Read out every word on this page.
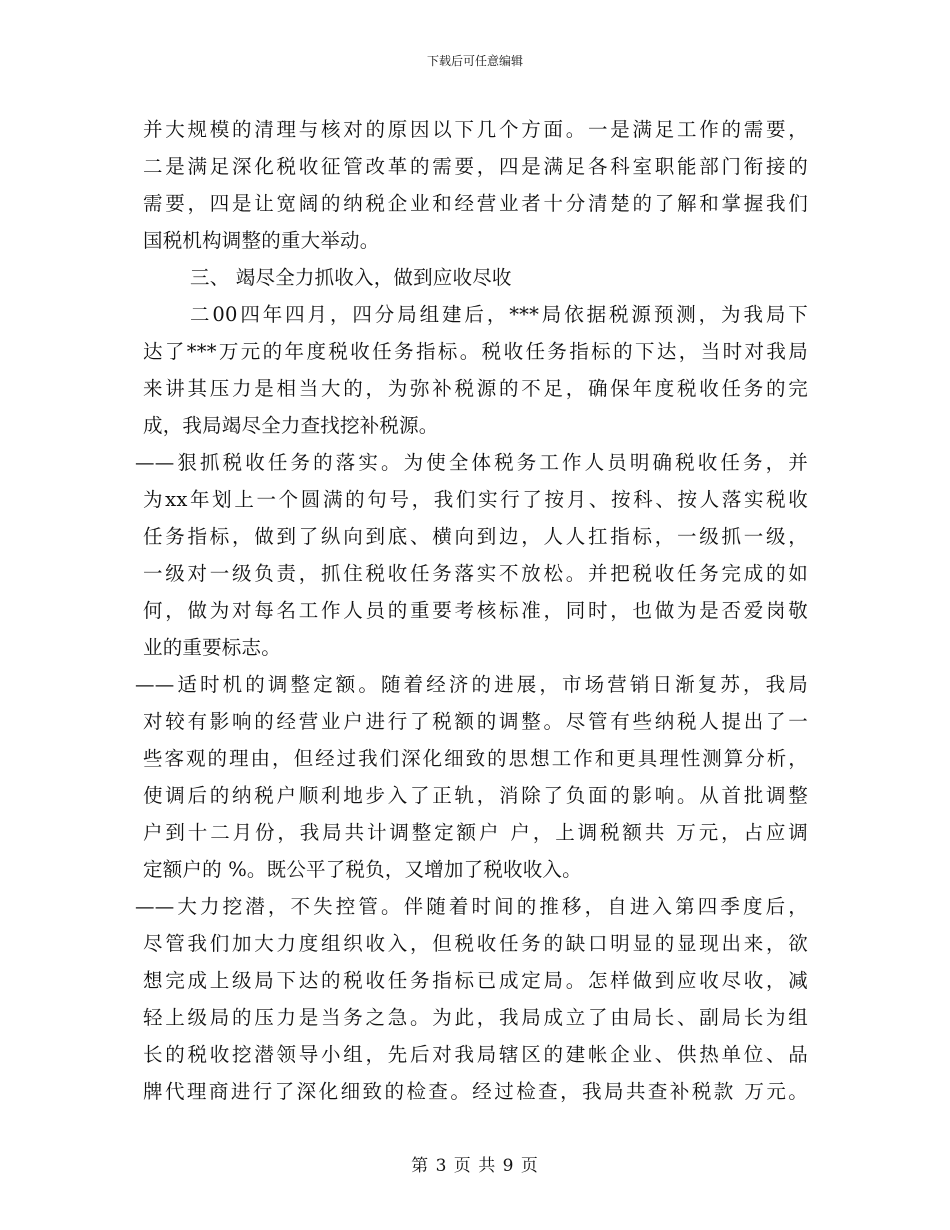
下载后可任意编辑
并大规模的清理与核对的原因以下几个方面。一是满足工作的需要，
二是满足深化税收征管改革的需要，四是满足各科室职能部门衔接的
需要，四是让宽阔的纳税企业和经营业者十分清楚的了解和掌握我们
国税机构调整的重大举动。
三、 竭尽全力抓收入，做到应收尽收
二00四年四月，四分局组建后，***局依据税源预测，为我局下
达了***万元的年度税收任务指标。税收任务指标的下达，当时对我局
来讲其压力是相当大的，为弥补税源的不足，确保年度税收任务的完
成，我局竭尽全力查找挖补税源。
——狠抓税收任务的落实。为使全体税务工作人员明确税收任务，并
为xx年划上一个圆满的句号，我们实行了按月、按科、按人落实税收
任务指标，做到了纵向到底、横向到边，人人扛指标，一级抓一级，
一级对一级负责，抓住税收任务落实不放松。并把税收任务完成的如
何，做为对每名工作人员的重要考核标准，同时，也做为是否爱岗敬
业的重要标志。
——适时机的调整定额。随着经济的进展，市场营销日渐复苏，我局
对较有影响的经营业户进行了税额的调整。尽管有些纳税人提出了一
些客观的理由，但经过我们深化细致的思想工作和更具理性测算分析，
使调后的纳税户顺利地步入了正轨，消除了负面的影响。从首批调整
户到十二月份，我局共计调整定额户 户，上调税额共 万元，占应调
定额户的 %。既公平了税负，又增加了税收收入。
——大力挖潜，不失控管。伴随着时间的推移，自进入第四季度后，
尽管我们加大力度组织收入，但税收任务的缺口明显的显现出来，欲
想完成上级局下达的税收任务指标已成定局。怎样做到应收尽收，减
轻上级局的压力是当务之急。为此，我局成立了由局长、副局长为组
长的税收挖潜领导小组，先后对我局辖区的建帐企业、供热单位、品
牌代理商进行了深化细致的检查。经过检查，我局共查补税款 万元。
第 3 页 共 9 页
